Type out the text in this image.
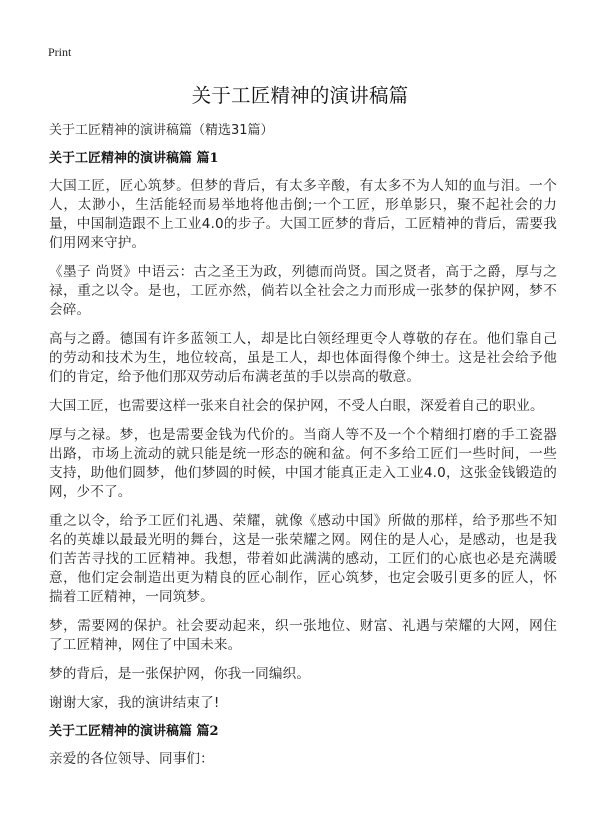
Print
关于工匠精神的演讲稿篇

关于工匠精神的演讲稿篇（精选31篇）

关于工匠精神的演讲稿篇 篇1

大国工匠，匠心筑梦。但梦的背后，有太多辛酸，有太多不为人知的血与泪。一个人，太渺小，生活能轻而易举地将他击倒;一个工匠，形单影只，聚不起社会的力量，中国制造跟不上工业4.0的步子。大国工匠梦的背后，工匠精神的背后，需要我们用网来守护。

《墨子 尚贤》中语云：古之圣王为政，列德而尚贤。国之贤者，高于之爵，厚与之禄，重之以令。是也，工匠亦然，倘若以全社会之力而形成一张梦的保护网，梦不会碎。

高与之爵。德国有许多蓝领工人，却是比白领经理更令人尊敬的存在。他们靠自己的劳动和技术为生，地位较高，虽是工人，却也体面得像个绅士。这是社会给予他们的肯定，给予他们那双劳动后布满老茧的手以崇高的敬意。

大国工匠，也需要这样一张来自社会的保护网，不受人白眼，深爱着自己的职业。

厚与之禄。梦，也是需要金钱为代价的。当商人等不及一个个精细打磨的手工瓷器出路，市场上流动的就只能是统一形态的碗和盆。何不多给工匠们一些时间，一些支持，助他们圆梦，他们梦圆的时候，中国才能真正走入工业4.0，这张金钱锻造的网，少不了。

重之以令，给予工匠们礼遇、荣耀，就像《感动中国》所做的那样，给予那些不知名的英雄以最最光明的舞台，这是一张荣耀之网。网住的是人心，是感动，也是我们苦苦寻找的工匠精神。我想，带着如此满满的感动，工匠们的心底也必是充满暖意，他们定会制造出更为精良的匠心制作，匠心筑梦，也定会吸引更多的匠人，怀揣着工匠精神，一同筑梦。

梦，需要网的保护。社会要动起来，织一张地位、财富、礼遇与荣耀的大网，网住了工匠精神，网住了中国未来。

梦的背后，是一张保护网，你我一同编织。

谢谢大家，我的演讲结束了!

关于工匠精神的演讲稿篇 篇2

亲爱的各位领导、同事们：
